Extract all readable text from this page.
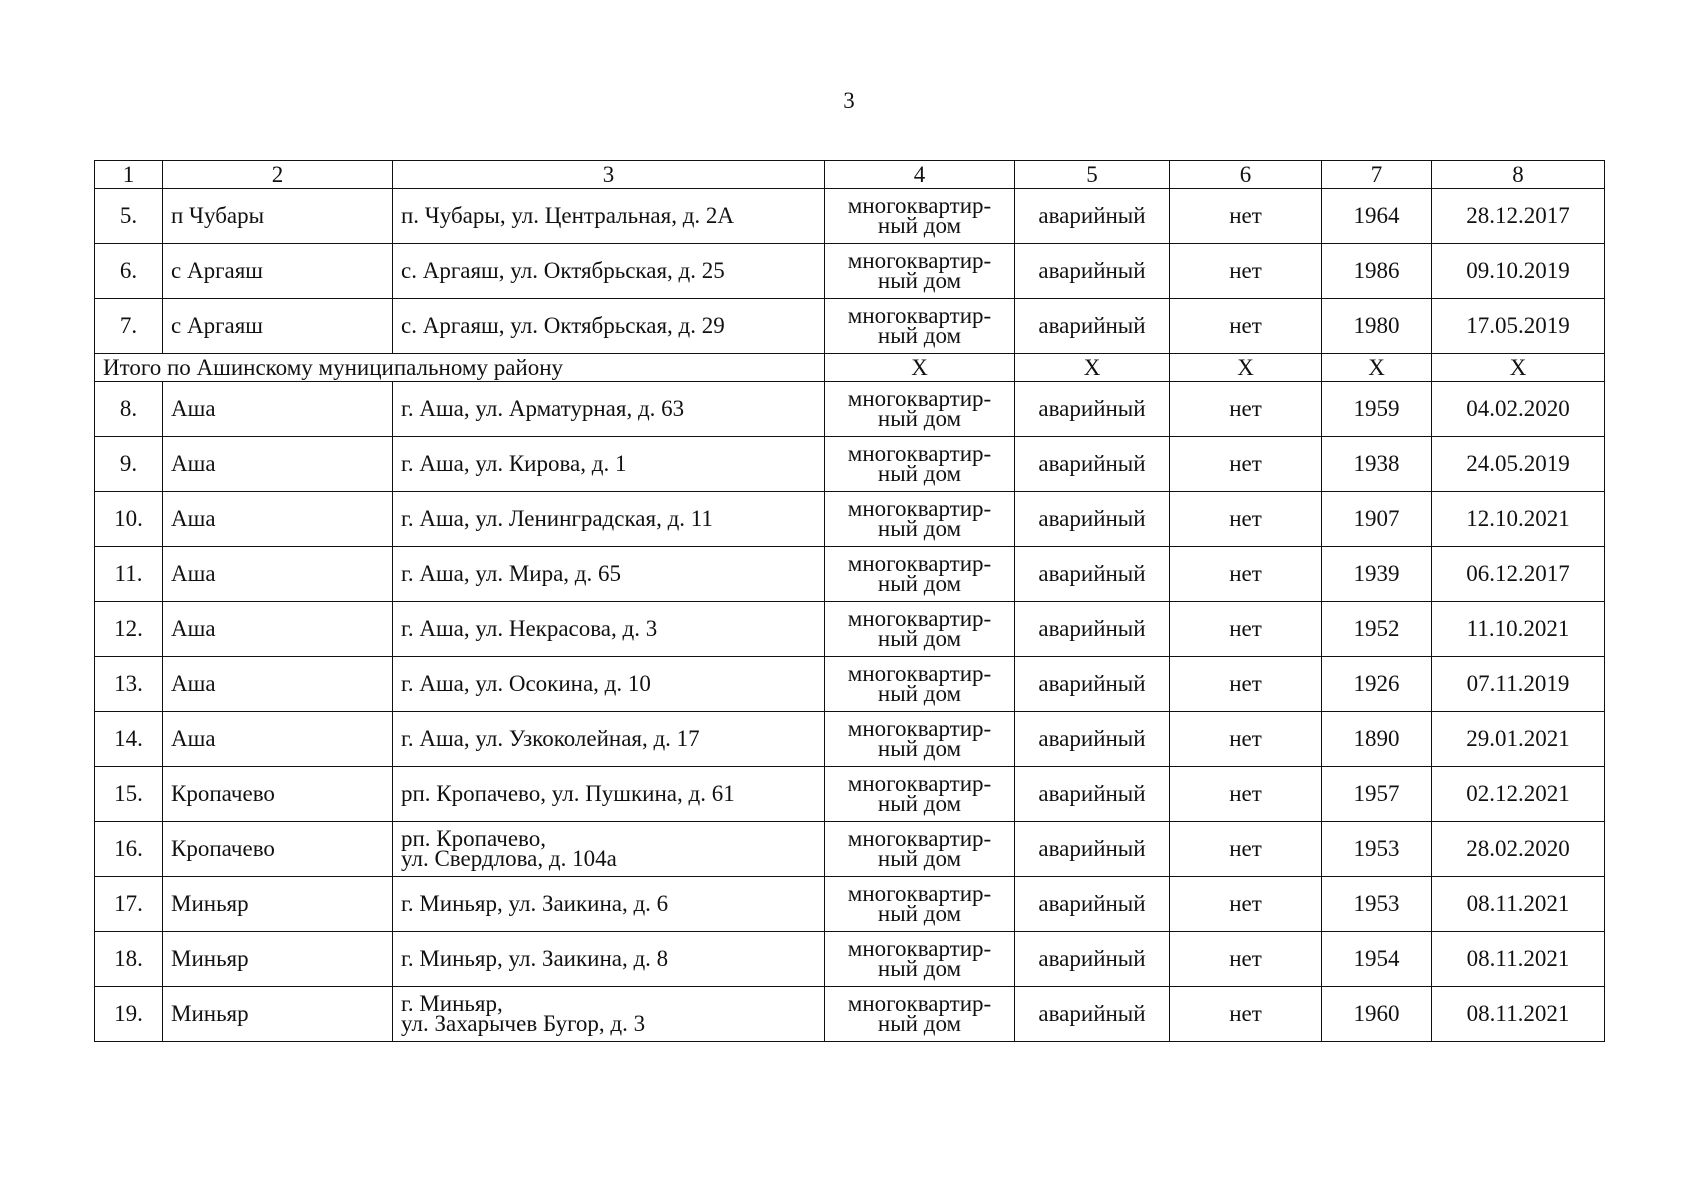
3
1	2	3	4	5	6	7	8
5.	п Чубары	п. Чубары, ул. Центральная, д. 2А	многоквартир-
ный дом	аварийный	нет	1964	28.12.2017
6.	с Аргаяш	с. Аргаяш, ул. Октябрьская, д. 25	многоквартир-
ный дом	аварийный	нет	1986	09.10.2019
7.	с Аргаяш	с. Аргаяш, ул. Октябрьская, д. 29	многоквартир-
ный дом	аварийный	нет	1980	17.05.2019
Итого по Ашинскому муниципальному району			Х	Х	Х	Х	Х
8.	Аша	г. Аша, ул. Арматурная, д. 63	многоквартир-
ный дом	аварийный	нет	1959	04.02.2020
9.	Аша	г. Аша, ул. Кирова, д. 1	многоквартир-
ный дом	аварийный	нет	1938	24.05.2019
10.	Аша	г. Аша, ул. Ленинградская, д. 11	многоквартир-
ный дом	аварийный	нет	1907	12.10.2021
11.	Аша	г. Аша, ул. Мира, д. 65	многоквартир-
ный дом	аварийный	нет	1939	06.12.2017
12.	Аша	г. Аша, ул. Некрасова, д. 3	многоквартир-
ный дом	аварийный	нет	1952	11.10.2021
13.	Аша	г. Аша, ул. Осокина, д. 10	многоквартир-
ный дом	аварийный	нет	1926	07.11.2019
14.	Аша	г. Аша, ул. Узкоколейная, д. 17	многоквартир-
ный дом	аварийный	нет	1890	29.01.2021
15.	Кропачево	рп. Кропачево, ул. Пушкина, д. 61	многоквартир-
ный дом	аварийный	нет	1957	02.12.2021
16.	Кропачево	рп. Кропачево,
ул. Свердлова, д. 104а	многоквартир-
ный дом	аварийный	нет	1953	28.02.2020
17.	Миньяр	г. Миньяр, ул. Заикина, д. 6	многоквартир-
ный дом	аварийный	нет	1953	08.11.2021
18.	Миньяр	г. Миньяр, ул. Заикина, д. 8	многоквартир-
ный дом	аварийный	нет	1954	08.11.2021
19.	Миньяр	г. Миньяр,
ул. Захарычев Бугор, д. 3	многоквартир-
ный дом	аварийный	нет	1960	08.11.2021
